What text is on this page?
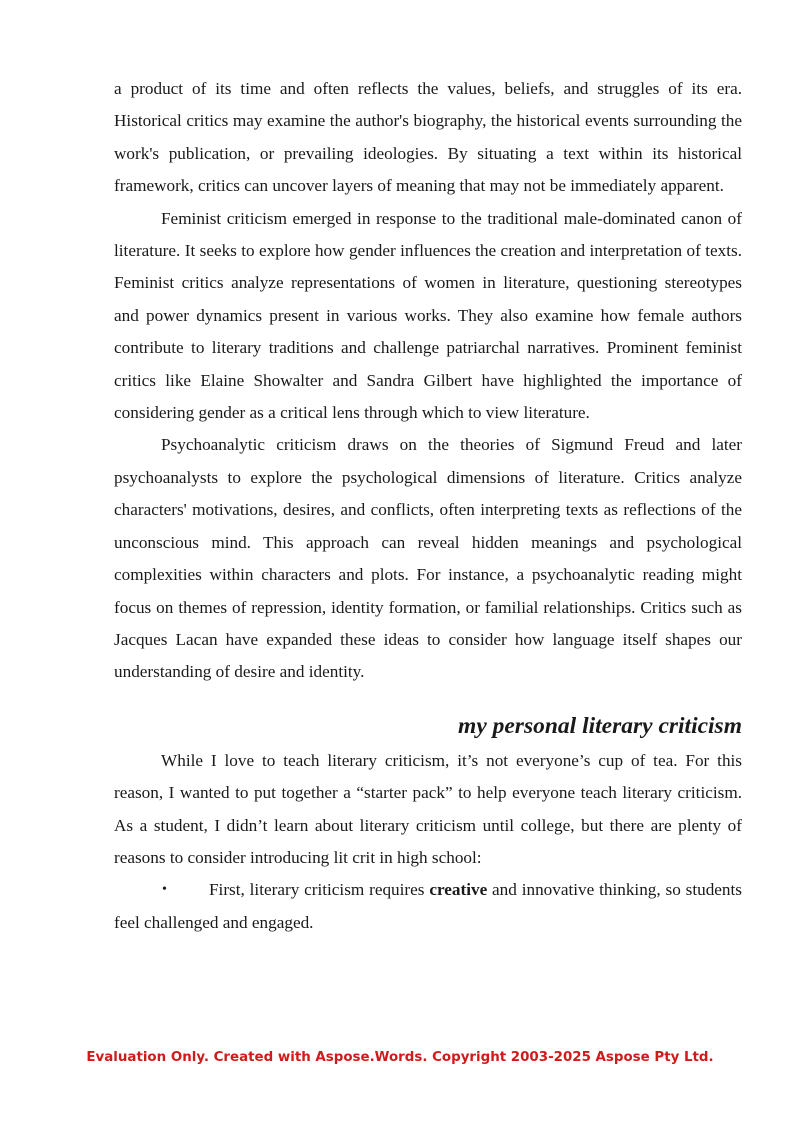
a product of its time and often reflects the values, beliefs, and struggles of its era. Historical critics may examine the author's biography, the historical events surrounding the work's publication, or prevailing ideologies. By situating a text within its historical framework, critics can uncover layers of meaning that may not be immediately apparent.

Feminist criticism emerged in response to the traditional male-dominated canon of literature. It seeks to explore how gender influences the creation and interpretation of texts. Feminist critics analyze representations of women in literature, questioning stereotypes and power dynamics present in various works. They also examine how female authors contribute to literary traditions and challenge patriarchal narratives. Prominent feminist critics like Elaine Showalter and Sandra Gilbert have highlighted the importance of considering gender as a critical lens through which to view literature.

Psychoanalytic criticism draws on the theories of Sigmund Freud and later psychoanalysts to explore the psychological dimensions of literature. Critics analyze characters' motivations, desires, and conflicts, often interpreting texts as reflections of the unconscious mind. This approach can reveal hidden meanings and psychological complexities within characters and plots. For instance, a psychoanalytic reading might focus on themes of repression, identity formation, or familial relationships. Critics such as Jacques Lacan have expanded these ideas to consider how language itself shapes our understanding of desire and identity.

my personal literary criticism

While I love to teach literary criticism, it’s not everyone’s cup of tea. For this reason, I wanted to put together a “starter pack” to help everyone teach literary criticism. As a student, I didn’t learn about literary criticism until college, but there are plenty of reasons to consider introducing lit crit in high school:

• First, literary criticism requires creative and innovative thinking, so students feel challenged and engaged.

Evaluation Only. Created with Aspose.Words. Copyright 2003-2025 Aspose Pty Ltd.
